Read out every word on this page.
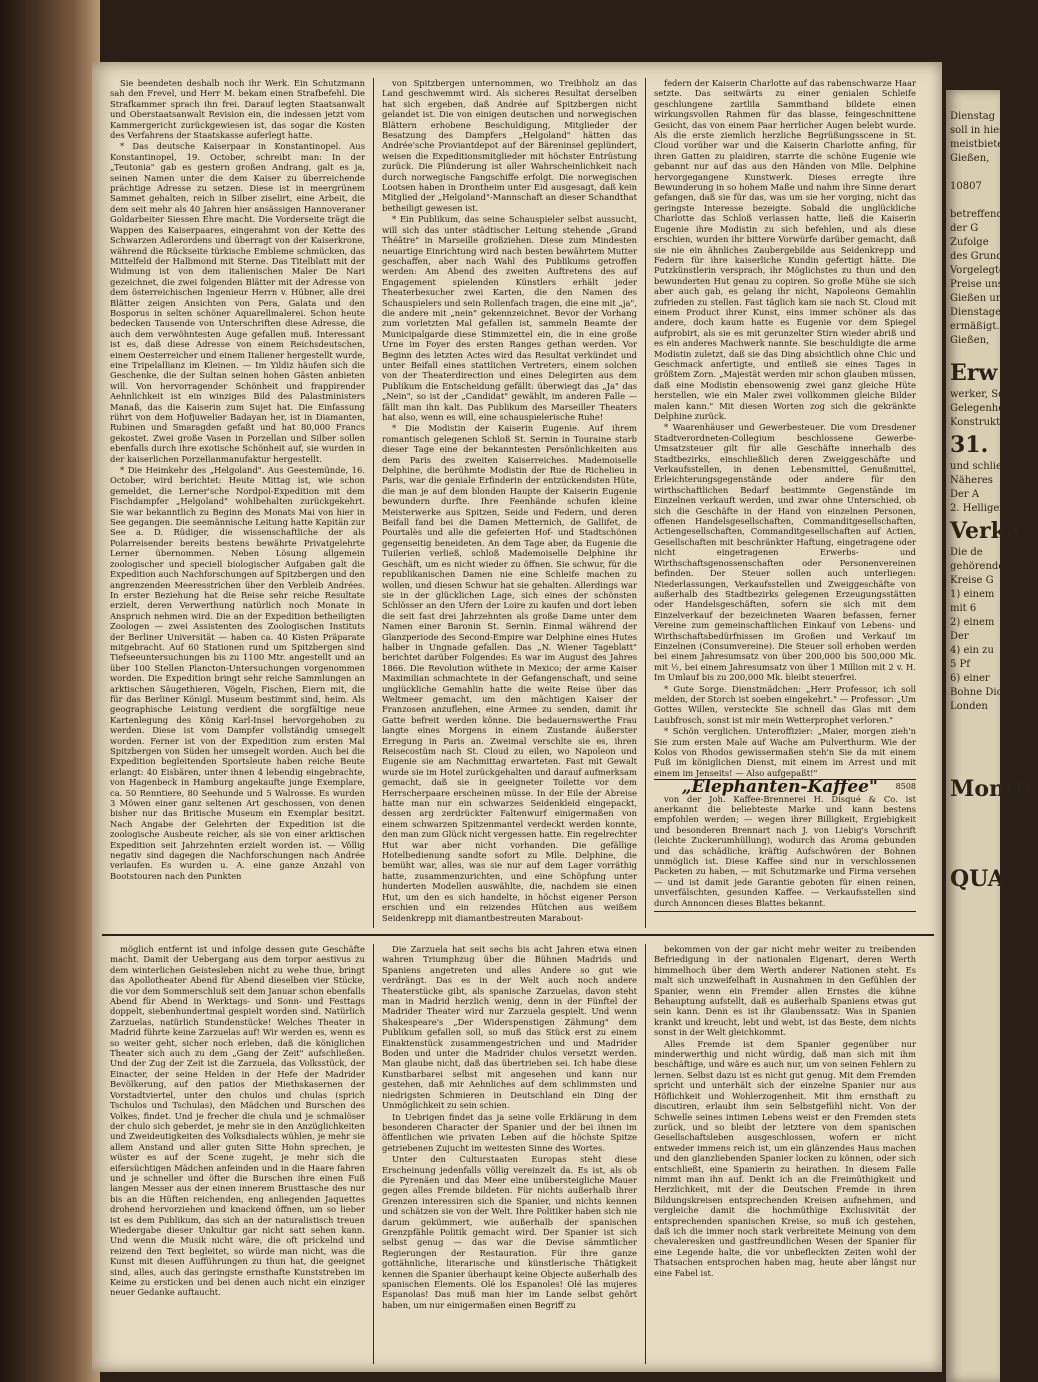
Sie beendeten deshalb noch ihr Werk. Ein Schutzmann sah den Frevel, und Herr M. bekam einen Strafbefehl. Die Strafkammer sprach ihn frei. Darauf legten Staatsanwalt und Oberstaatsanwalt Revision ein, die indessen jetzt vom Kammergericht zurückgewiesen ist, das sogar die Kosten des Verfahrens der Staatskasse auferlegt hatte.

* Das deutsche Kaiserpaar in Konstantinopel. Aus Konstantinopel, 19. October, schreibt man: In der „Teutonia" gab es gestern großen Andrang, galt es ja, seinen Namen unter die dem Kaiser zu überreichende prächtige Adresse zu setzen. Diese ist in meergrünem Sammet gehalten, reich in Silber ziselirt, eine Arbeit, die dem seit mehr als 40 Jahren hier ansässigen Hannoveraner Goldarbeiter Siessen Ehre macht. Die Vorderseite trägt die Wappen des Kaiserpaares, eingerahmt von der Kette des Schwarzen Adlerordens und überragt von der Kaiserkrone, während die Rückseite türkische Embleme schmücken, das Mittelfeld der Halbmond mit Sterne. Das Titelblatt mit der Widmung ist von dem italienischen Maler De Nari gezeichnet, die zwei folgenden Blätter mit der Adresse von dem österreichischen Ingenieur Herrn v. Hübner, alle drei Blätter zeigen Ansichten von Pera, Galata und den Bosporus in selten schöner Aquarellmalerei. Schon heute bedecken Tausende von Unterschriften diese Adresse, die auch dem verwöhntesten Auge gefallen muß. Interessant ist es, daß diese Adresse von einem Reichsdeutschen, einem Oesterreicher und einem Italiener hergestellt wurde, eine Tripelallianz im Kleinen. — Im Yildiz häufen sich die Geschenke, die der Sultan seinen hohen Gästen anbieten will. Von hervorragender Schönheit und frappirender Aehnlichkeit ist ein winziges Bild des Palastministers Manaß, das die Kaiserin zum Sujet hat. Die Einfassung rührt von dem Hofjuwelier Badayan her, ist in Diamanten, Rubinen und Smaragden gefaßt und hat 80,000 Francs gekostet. Zwei große Vasen in Porzellan und Silber sollen ebenfalls durch ihre exotische Schönheit auf, sie wurden in der kaiserlichen Porzellanmanufaktur hergestellt.

* Die Heimkehr des „Helgoland". Aus Geestemünde, 16. October, wird berichtet: Heute Mittag ist, wie schon gemeldet, die Lerner'sche Nordpol-Expedition mit dem Fischdampfer „Helgoland" wohlbehalten zurückgekehrt. Sie war bekanntlich zu Beginn des Monats Mai von hier in See gegangen. Die seemännische Leitung hatte Kapitän zur See a. D. Rüdiger, die wissenschaftliche der als Polarreisender bereits bestens bewährte Privatgelehrte Lerner übernommen. Neben Lösung allgemein zoologischer und speciell biologischer Aufgaben galt die Expedition auch Nachforschungen auf Spitzbergen und den angrenzenden Meeresstrichen über den Verbleib Andrées. In erster Beziehung hat die Reise sehr reiche Resultate erzielt, deren Verwerthung natürlich noch Monate in Anspruch nehmen wird. Die an der Expedition betheiligten Zoologen — zwei Assistenten des Zoologischen Instituts der Berliner Universität — haben ca. 40 Kisten Präparate mitgebracht. Auf 60 Stationen rund um Spitzbergen sind Tiefseeuntersuchungen bis zu 1100 Mtr. angestellt und an über 100 Stellen Plancton-Untersuchungen vorgenommen worden. Die Expedition bringt sehr reiche Sammlungen an arktischen Säugethieren, Vögeln, Fischen, Eiern mit, die für das Berliner Königl. Museum bestimmt sind, heim. Als geographische Leistung verdient die sorgfältige neue Kartenlegung des König Karl-Insel hervorgehoben zu werden. Diese ist vom Dampfer vollständig umsegelt worden. Ferner ist von der Expedition zum ersten Mal Spitzbergen von Süden her umsegelt worden. Auch bei die Expedition begleitenden Sportsleute haben reiche Beute erlangt: 40 Eisbären, unter ihnen 4 lebendig eingebrachte, von Hagenbeck in Hamburg angekaufte junge Exemplare, ca. 50 Renntiere, 80 Seehunde und 5 Walrosse. Es wurden 3 Möwen einer ganz seltenen Art geschossen, von denen bisher nur das Britische Museum ein Exemplar besitzt. Nach Angabe der Gelehrten der Expedition ist die zoologische Ausbeute reicher, als sie von einer arktischen Expedition seit Jahrzehnten erzielt worden ist. — Völlig negativ sind dagegen die Nachforschungen nach Andrée verlaufen. Es wurden u. A. eine ganze Anzahl von Bootstouren nach den Punkten

von Spitzbergen unternommen, wo Treibholz an das Land geschwemmt wird. Als sicheres Resultat derselben hat sich ergeben, daß Andrée auf Spitzbergen nicht gelandet ist. Die von einigen deutschen und norwegischen Blättern erhobene Beschuldigung, Mitglieder der Besatzung des Dampfers „Helgoland" hätten das Andrée'sche Proviantdepot auf der Bäreninsel geplündert, weisen die Expeditionsmitglieder mit höchster Entrüstung zurück. Die Plünderung ist aller Wahrscheinlichkeit nach durch norwegische Fangschiffe erfolgt. Die norwegischen Lootsen haben in Drontheim unter Eid ausgesagt, daß kein Mitglied der „Helgoland"-Mannschaft an dieser Schandthat betheiligt gewesen ist.

* Ein Publikum, das seine Schauspieler selbst aussucht, will sich das unter städtischer Leitung stehende „Grand Théâtre" in Marseille großziehen. Diese zum Mindesten neuartige Einrichtung wird nach besten bewährtem Mutter geschaffen, aber nach Wahl des Publikums getroffen werden: Am Abend des zweiten Auftretens des auf Engagement spielenden Künstlers erhält jeder Theaterbesucher zwei Karten, die den Namen des Schauspielers und sein Rollenfach tragen, die eine mit „ja", die andere mit „nein" gekennzeichnet. Bevor der Vorhang zum vorletzten Mal gefallen ist, sammeln Beamte der Municipalgarde diese Stimmzettel ein, die in eine große Urne im Foyer des ersten Ranges gethan werden. Vor Beginn des letzten Actes wird das Resultat verkündet und unter Beifall eines stattlichen Vertreters, einem solchen von der Theaterdirection und eines Delegirten aus dem Publikum die Entscheidung gefällt: überwiegt das „Ja" das „Nein", so ist der „Candidat" gewählt, im anderen Falle — fällt man ihn kalt. Das Publikum des Marseiller Theaters hat also, wenn es will, eine schauspielerische Ruhe!

* Die Modistin der Kaiserin Eugenie. Auf ihrem romantisch gelegenen Schloß St. Sernin in Touraine starb dieser Tage eine der bekanntesten Persönlichkeiten aus dem Paris des zweiten Kaiserreiches. Mademoiselle Delphine, die berühmte Modistin der Rue de Richelieu in Paris, war die geniale Erfinderin der entzückendsten Hüte, die man je auf dem blonden Haupte der Kaiserin Eugenie bewundern durfte. Ihre Feenhände schufen kleine Meisterwerke aus Spitzen, Seide und Federn, und deren Beifall fand bei die Damen Metternich, de Gallifet, de Pourtalès und alle die gefeierten Hof- und Stadtschönen gegenseitig beneideten. An dem Tage aber, da Eugenie die Tuilerien verließ, schloß Mademoiselle Delphine ihr Geschäft, um es nicht wieder zu öffnen. Sie schwur, für die republikanischen Damen nie eine Schleife machen zu wollen, und diesen Schwur hat sie gehalten. Allerdings war sie in der glücklichen Lage, sich eines der schönsten Schlösser an den Ufern der Loire zu kaufen und dort leben die seit fast drei Jahrzehnten als große Dame unter dem Namen einer Baronin St. Sernin. Einmal während der Glanzperiode des Second-Empire war Delphine eines Hutes halber in Ungnade gefallen. Das „N. Wiener Tageblatt" berichtet darüber Folgendes: Es war im August des Jahres 1866. Die Revolution wüthete in Mexico; der arme Kaiser Maximilian schmachtete in der Gefangenschaft, und seine unglückliche Gemahlin hatte die weite Reise über das Weltmeer gemacht, um den mächtigen Kaiser der Franzosen anzuflehen, eine Armee zu senden, damit ihr Gatte befreit werden könne. Die bedauernswerthe Frau langte eines Morgens in einem Zustande äußerster Erregung in Paris an. Zweimal verschlte sie es, ihren Reisecostüm nach St. Cloud zu eilen, wo Napoleon und Eugenie sie am Nachmittag erwarteten. Fast mit Gewalt wurde sie im Hotel zurückgehalten und darauf aufmerksam gemacht, daß sie in geeigneter Toilette vor dem Herrscherpaare erscheinen müsse. In der Eile der Abreise hatte man nur ein schwarzes Seidenkleid eingepackt, dessen arg zerdrückter Faltenwurf einigermaßen von einem schwarzen Spitzenmantel verdeckt werden konnte, den man zum Glück nicht vergessen hatte. Ein regelrechter Hut war aber nicht vorhanden. Die gefällige Hotelbedienung sandte sofort zu Mlle. Delphine, die bemüht war, alles, was sie nur auf dem Lager vorräthig hatte, zusammenzurichten, und eine Schöpfung unter hunderten Modellen auswählte, die, nachdem sie einen Hut, um den es sich handelte, in höchst eigener Person erschien und ein reizendes Hütchen aus weißem Seidenkrepp mit diamantbestreuten Marabout-

federn der Kaiserin Charlotte auf das rabenschwarze Haar setzte. Das seitwärts zu einer genialen Schleife geschlungene zartlila Sammtband bildete einen wirkungsvollen Rahmen für das blasse, feingeschnittene Gesicht, das von einem Paar herrlicher Augen belebt wurde. Als die erste ziemlich herzliche Begrüßungsscene in St. Cloud vorüber war und die Kaiserin Charlotte anfing, für ihren Gatten zu plaidiren, starrte die schöne Eugenie wie gebannt nur auf das aus den Händen von Mlle. Delphine hervorgegangene Kunstwerk. Dieses erregte ihre Bewunderung in so hohem Maße und nahm ihre Sinne derart gefangen, daß sie für das, was um sie her vorging, nicht das geringste Interesse bezeigte. Sobald die unglückliche Charlotte das Schloß verlassen hatte, ließ die Kaiserin Eugenie ihre Modistin zu sich befehlen, und als diese erschien, wurden ihr bittere Vorwürfe darüber gemacht, daß sie nie ein ähnliches Zaubergebilde aus Seidenkrepp und Federn für ihre kaiserliche Kundin gefertigt hätte. Die Putzkünstlerin versprach, ihr Möglichstes zu thun und den bewunderten Hut genau zu copiren. So große Mühe sie sich aber auch gab, es gelang ihr nicht, Napoleons Gemahlin zufrieden zu stellen. Fast täglich kam sie nach St. Cloud mit einem Product ihrer Kunst, eins immer schöner als das andere, doch kaum hatte es Eugenie vor dem Spiegel aufprobirt, als sie es mit gerunzelter Stirn wieder abriß und es ein anderes Machwerk nannte. Sie beschuldigte die arme Modistin zuletzt, daß sie das Ding absichtlich ohne Chic und Geschmack anfertigte, und entließ sie eines Tages in größtem Zorn. „Majestät werden mir schon glauben müssen, daß eine Modistin ebensowenig zwei ganz gleiche Hüte herstellen, wie ein Maler zwei vollkommen gleiche Bilder malen kann." Mit diesen Worten zog sich die gekränkte Delphine zurück.

* Waarenhäuser und Gewerbesteuer. Die vom Dresdener Stadtverordneten-Collegium beschlossene Gewerbe-Umsatzsteuer gilt für alle Geschäfte innerhalb des Stadtbezirks, einschließlich deren Zweiggeschäfte und Verkaufsstellen, in denen Lebensmittel, Genußmittel, Erleichterungsgegenstände oder andere für den wirthschaftlichen Bedarf bestimmte Gegenstände im Einzelnen verkauft werden, und zwar ohne Unterschied, ob sich die Geschäfte in der Hand von einzelnen Personen, offenen Handelsgesellschaften, Commanditgesellschaften, Actiengesellschaften, Commanditgesellschaften auf Actien, Gesellschaften mit beschränkter Haftung, eingetragene oder nicht eingetragenen Erwerbs- und Wirthschaftsgenossenschaften oder Personenvereinen befinden. Der Steuer sollen auch unterliegen: Niederlassungen, Verkaufsstellen und Zweiggeschäfte von außerhalb des Stadtbezirks gelegenen Erzeugungsstätten oder Handelsgeschäften, sofern sie sich mit dem Einzelverkauf der bezeichneten Waaren befassen, ferner Vereine zum gemeinschaftlichen Einkauf von Lebens- und Wirthschaftsbedürfnissen im Großen und Verkauf im Einzelnen (Consumvereine). Die Steuer soll erhoben werden bei einem Jahresumsatz von über 200,000 bis 500,000 Mk. mit ½, bei einem Jahresumsatz von über 1 Million mit 2 v. H. Im Umlauf bis zu 200,000 Mk. bleibt steuerfrei.

* Gute Sorge. Dienstmädchen: „Herr Professor, ich soll melden, der Storch ist soeben eingekehrt." — Professor: „Um Gottes Willen, versteckte Sie schnell das Glas mit dem Laubfrosch, sonst ist mir mein Wetterprophet verloren."

* Schön verglichen. Unteroffizier: „Maier, morgen zieh'n Sie zum ersten Male auf Wache am Pulverthurm. Wie der Kolos von Rhodos gewissermaßen steh'n Sie da mit einem Fuß im königlichen Dienst, mit einem im Arrest und mit einem im Jenseits! — Also aufgepaßt!"

8508

„Elephanten-Kaffee"

von der Joh. Kaffee-Brennerei H. Disqué & Co. ist anerkannt die beliebteste Marke und kann bestens empfohlen werden; — wegen ihrer Billigkeit, Ergiebigkeit und besonderen Brennart nach J. von Liebig's Vorschrift (leichte Zuckerumhüllung), wodurch das Aroma gebunden und das schädliche, kräftig Aufschwören der Bohnen unmöglich ist. Diese Kaffee sind nur in verschlossenen Packeten zu haben, — mit Schutzmarke und Firma versehen — und ist damit jede Garantie geboten für einen reinen, unverfälschten, gesunden Kaffee. — Verkaufsstellen sind durch Annoncen dieses Blattes bekannt.

möglich entfernt ist und infolge dessen gute Geschäfte macht. Damit der Uebergang aus dem torpor aestivus zu dem winterlichen Geistesleben nicht zu wehe thue, bringt das Apollotheater Abend für Abend dieselben vier Stücke, die vor dem Sommerschluß seit dem Januar schon ebenfalls Abend für Abend in Werktags- und Sonn- und Festtags doppelt, siebenhundertmal gespielt worden sind. Natürlich Zarzuelas, natürlich Stundenstücke! Welches Theater in Madrid führte keine Zarzuelas auf! Wir werden es, wenn es so weiter geht, sicher noch erleben, daß die königlichen Theater sich auch zu dem „Gang der Zeit" aufschließen. Und der Zug der Zeit ist die Zarzuela, das Volksstück, der Einacter, der seine Helden in der Hefe der Madrider Bevölkerung, auf den patios der Miethskasernen der Vorstadtviertel, unter den chulos und chulas (sprich Tschulos und Tschulas), den Mädchen und Burschen des Volkes, findet. Und je frecher die chula und je schmalöser der chulo sich geberdet, je mehr sie in den Anzüglichkeiten und Zweideutigkeiten des Volksdialects wühlen, je mehr sie allem Anstand und aller guten Sitte Hohn sprechen, je wüster es auf der Scene zugeht, je mehr sich die eifersüchtigen Mädchen anfeinden und in die Haare fahren und je schneller und öfter die Burschen ihre einen Fuß langen Messer aus der einen innerem Brusttasche des nur bis an die Hüften reichenden, eng anliegenden Jaquettes drohend hervorziehen und knackend öffnen, um so lieber ist es dem Publikum, das sich an der naturalistisch treuen Wiedergabe dieser Unkultur gar nicht satt sehen kann. Und wenn die Musik nicht wäre, die oft prickelnd und reizend den Text begleitet, so würde man nicht, was die Kunst mit diesen Aufführungen zu thun hat, die geeignet sind, alles, auch das geringste ernsthafte Kunststreben im Keime zu ersticken und bei denen auch nicht ein einziger neuer Gedanke auftaucht.

Die Zarzuela hat seit sechs bis acht Jahren etwa einen wahren Triumphzug über die Bühnen Madrids und Spaniens angetreten und alles Andere so gut wie verdrängt. Das es in der Welt auch noch andere Theaterstücke gibt, als spanische Zarzuelas, davon steht man in Madrid herzlich wenig, denn in der Fünftel der Madrider Theater wird nur Zarzuela gespielt. Und wenn Shakespeare's „Der Widerspenstigen Zähmung" dem Publikum gefallen soll, so muß das Stück erst zu einem Einaktenstück zusammengestrichen und und Madrider Boden und unter die Madrider chulos versetzt werden. Man glaube nicht, daß das übertrieben sei. Ich habe diese Kunstbarbarei selbst mit angesehen und kann nur gestehen, daß mir Aehnliches auf dem schlimmsten und niedrigsten Schmieren in Deutschland ein Ding der Unmöglichkeit zu sein schien.

In Uebrigen findet das ja seine volle Erklärung in dem besonderen Character der Spanier und der bei ihnen im öffentlichen wie privaten Leben auf die höchste Spitze getriebenen Zujucht im weitesten Sinne des Wortes.

Unter den Culturstaaten Europas steht diese Erscheinung jedenfalls völlig vereinzelt da. Es ist, als ob die Pyrenäen und das Meer eine unübersteigliche Mauer gegen alles Fremde bildeten. Für nichts außerhalb ihrer Grenzen interessiren sich die Spanier, und nichts kennen und schätzen sie von der Welt. Ihre Politiker haben sich nie darum gekümmert, wie außerhalb der spanischen Grenzpfähle Politik gemacht wird. Der Spanier ist sich selbst genug — das war die Devise sämmtlicher Regierungen der Restauration. Für ihre ganze gottähnliche, literarische und künstlerische Thätigkeit kennen die Spanier überhaupt keine Objecte außerhalb des spanischen Elements. Olé los Espanoles! Olé las mujeres Espanolas! Das muß man hier im Lande selbst gehört haben, um nur einigermaßen einen Begriff zu

bekommen von der gar nicht mehr weiter zu treibenden Befriedigung in der nationalen Eigenart, deren Werth himmelhoch über dem Werth anderer Nationen steht. Es malt sich unzweifelhaft in Ausnahmen in den Gefühlen der Spanier, wenn ein Fremder allen Ernstes die kühne Behauptung aufstellt, daß es außerhalb Spaniens etwas gut sein kann. Denn es ist ihr Glaubenssatz: Was in Spanien krankt und kreucht, lebt und webt, ist das Beste, dem nichts sonst in der Welt gleichkommt.

Alles Fremde ist dem Spanier gegenüber nur minderwerthig und nicht würdig, daß man sich mit ihm beschäftige, und wäre es auch nur, um von seinen Fehlern zu lernen. Selbst dazu ist es nicht gut genug. Mit dem Fremden spricht und unterhält sich der einzelne Spanier nur aus Höflichkeit und Wohlerzogenheit. Mit ihm ernsthaft zu discutiren, erlaubt ihm sein Selbstgefühl nicht. Von der Schwelle seines intimen Lebens weist er den Fremden stets zurück, und so bleibt der letztere von dem spanischen Gesellschaftsleben ausgeschlossen, wofern er nicht entweder immens reich ist, um ein glänzendes Haus machen und den glanzliebenden Spanier locken zu können, oder sich entschließt, eine Spanierin zu heirathen. In diesem Falle nimmt man ihn auf. Denkt ich an die Freimüthigkeit und Herzlichkeit, mit der die Deutschen Fremde in ihren Bildungskreisen entsprechenden Kreisen aufnehmen, und vergleiche damit die hochmüthige Exclusivität der entsprechenden spanischen Kreise, so muß ich gestehen, daß ich die immer noch stark verbreitete Meinung von dem chevaleresken und gastfreundlichen Wesen der Spanier für eine Legende halte, die vor unbefleckten Zeiten wohl der Thatsachen entsprochen haben mag, heute aber längst nur eine Fabel ist.

Dienstag
soll in hiesigen
meistbietend den
Gießen,
10807
betreffend: Pr
der G
Zufolge
des Grundkapita
Vorgelegter
Preise unserer
Gießen und der
Dienstagen
ermäßigt.
Gießen,
Erw
werker, Sch
Gelegenheit be
Konstruktion
31.
und schließt G
Näheres
Der A
2. Helliger
Verka
Die de
gehörende P
Kreise G
1) einem
mit 6
2) einem
Der
4) ein zu
5 Pf
6) einer
Bohne Dicke
Londen
Montir
QUA
